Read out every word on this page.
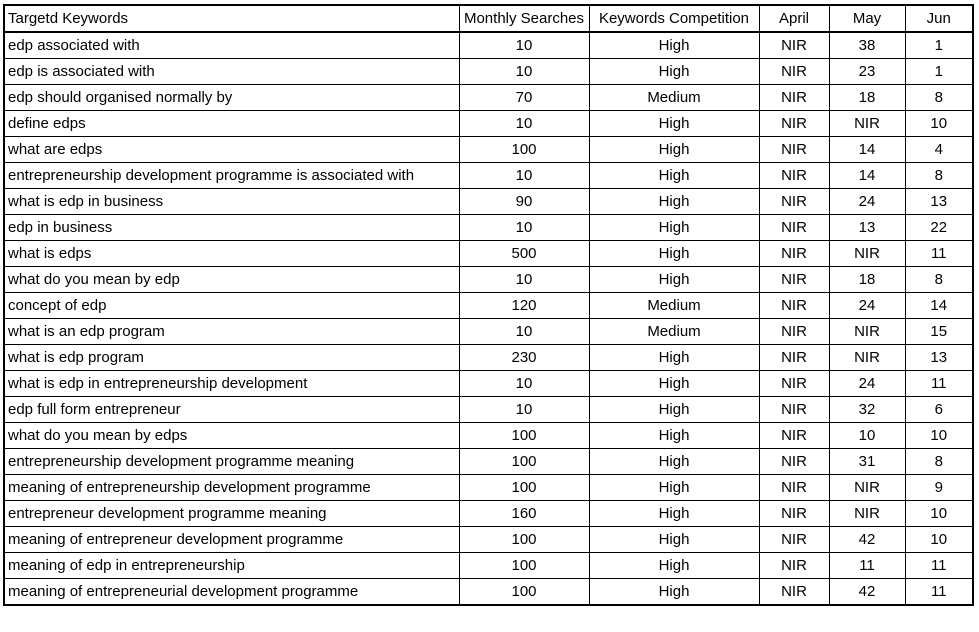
Targetd Keywords	Monthly Searches	Keywords Competition	April	May	Jun
edp associated with	10	High	NIR	38	1
edp is associated with	10	High	NIR	23	1
edp should organised normally by	70	Medium	NIR	18	8
define edps	10	High	NIR	NIR	10
what are edps	100	High	NIR	14	4
entrepreneurship development programme is associated with	10	High	NIR	14	8
what is edp in business	90	High	NIR	24	13
edp in business	10	High	NIR	13	22
what is edps	500	High	NIR	NIR	11
what do you mean by edp	10	High	NIR	18	8
concept of edp	120	Medium	NIR	24	14
what is an edp program	10	Medium	NIR	NIR	15
what is edp program	230	High	NIR	NIR	13
what is edp in entrepreneurship development	10	High	NIR	24	11
edp full form entrepreneur	10	High	NIR	32	6
what do you mean by edps	100	High	NIR	10	10
entrepreneurship development programme meaning	100	High	NIR	31	8
meaning of entrepreneurship development programme	100	High	NIR	NIR	9
entrepreneur development programme meaning	160	High	NIR	NIR	10
meaning of entrepreneur development programme	100	High	NIR	42	10
meaning of edp in entrepreneurship	100	High	NIR	11	11
meaning of entrepreneurial development programme	100	High	NIR	42	11
